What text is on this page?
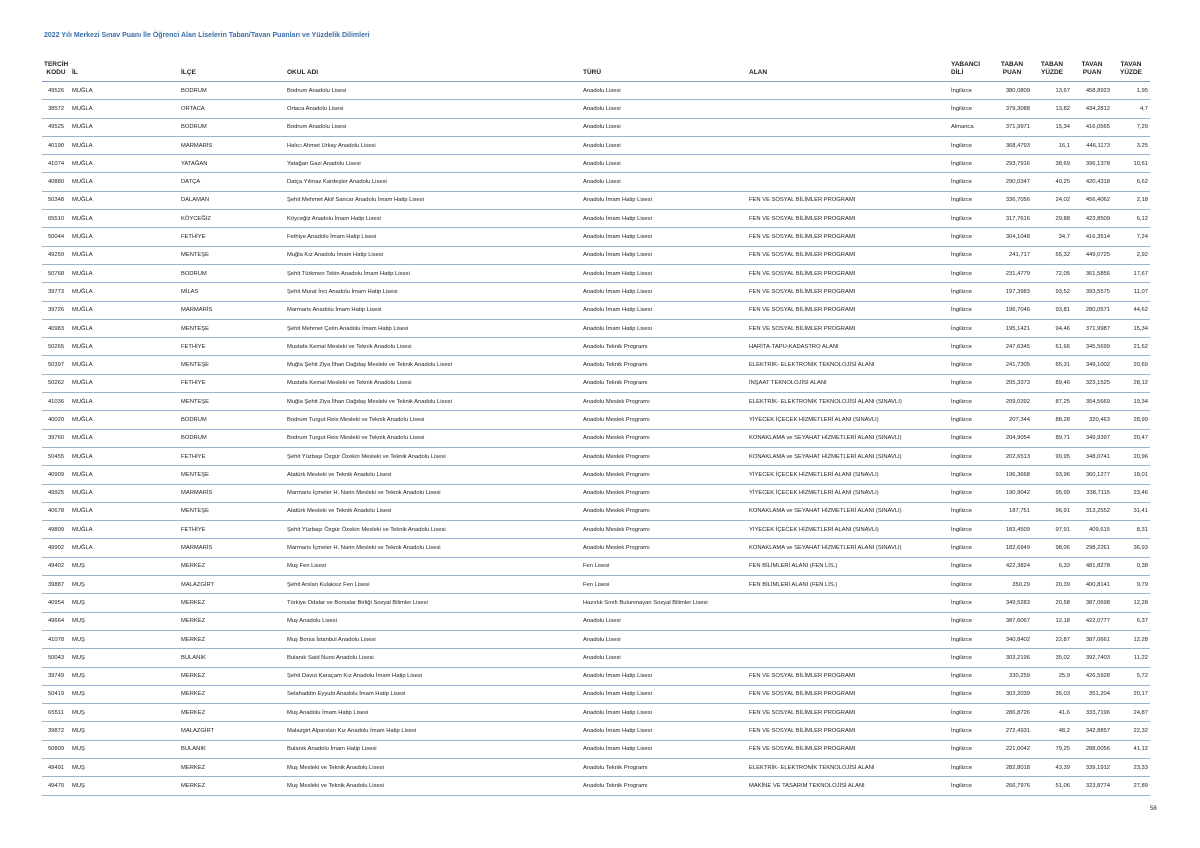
2022 Yılı Merkezi Sınav Puanı İle Öğrenci Alan Liselerin Taban/Tavan Puanları ve Yüzdelik Dilimleri
TERCİH KODU	İL	İLÇE	OKUL ADI	TÜRÜ	ALAN	YABANCI DİLİ	TABAN PUAN	TABAN YÜZDE	TAVAN PUAN	TAVAN YÜZDE
49526	MUĞLA	BODRUM	Bodrum Anadolu Lisesi	Anadolu Lisesi		İngilizce	380,0809	13,67	458,8923	1,95
38572	MUĞLA	ORTACA	Ortaca Anadolu Lisesi	Anadolu Lisesi		İngilizce	379,3088	13,82	434,2812	4,7
49525	MUĞLA	BODRUM	Bodrum Anadolu Lisesi	Anadolu Lisesi		Almanca	371,9971	15,34	416,0565	7,29
40190	MUĞLA	MARMARİS	Halıcı Ahmet Urkay Anadolu Lisesi	Anadolu Lisesi		İngilizce	368,4793	16,1	446,1173	3,25
41074	MUĞLA	YATAĞAN	Yatağan Gazi Anadolu Lisesi	Anadolu Lisesi		İngilizce	293,7916	38,69	396,1378	10,61
40880	MUĞLA	DATÇA	Datça Yılmaz Kardeşler Anadolu Lisesi	Anadolu Lisesi		İngilizce	290,0347	40,25	420,4318	6,62
50348	MUĞLA	DALAMAN	Şehit Mehmet Akif Sancar Anadolu İmam Hatip Lisesi	Anadolu İmam Hatip Lisesi	FEN VE SOSYAL BİLİMLER PROGRAMI	İngilizce	336,7056	24,02	456,4062	2,18
65510	MUĞLA	KÖYCEĞİZ	Köyceğiz Anadolu İmam Hatip Lisesi	Anadolu İmam Hatip Lisesi	FEN VE SOSYAL BİLİMLER PROGRAMI	İngilizce	317,7616	29,88	423,8509	6,12
50044	MUĞLA	FETHİYE	Fethiye Anadolu İmam Hatip Lisesi	Anadolu İmam Hatip Lisesi	FEN VE SOSYAL BİLİMLER PROGRAMI	İngilizce	304,1048	34,7	416,3514	7,24
49259	MUĞLA	MENTEŞE	Muğla Kız Anadolu İmam Hatip Lisesi	Anadolu İmam Hatip Lisesi	FEN VE SOSYAL BİLİMLER PROGRAMI	İngilizce	241,717	65,32	449,0725	2,92
50768	MUĞLA	BODRUM	Şehit Türkmen Tekin Anadolu İmam Hatip Lisesi	Anadolu İmam Hatip Lisesi	FEN VE SOSYAL BİLİMLER PROGRAMI	İngilizce	231,4779	72,05	361,5856	17,67
39773	MUĞLA	MİLAS	Şehit Murat İnci Anadolu İmam Hatip Lisesi	Anadolu İmam Hatip Lisesi	FEN VE SOSYAL BİLİMLER PROGRAMI	İngilizce	197,3983	93,52	393,5575	11,07
39726	MUĞLA	MARMARİS	Marmaris Anadolu İmam Hatip Lisesi	Anadolu İmam Hatip Lisesi	FEN VE SOSYAL BİLİMLER PROGRAMI	İngilizce	196,7046	93,81	280,0571	44,62
40983	MUĞLA	MENTEŞE	Şehit Mehmet Çetin Anadolu İmam Hatip Lisesi	Anadolu İmam Hatip Lisesi	FEN VE SOSYAL BİLİMLER PROGRAMI	İngilizce	195,1421	94,46	371,9987	15,34
50265	MUĞLA	FETHİYE	Mustafa Kemal Mesleki ve Teknik Anadolu Lisesi	Anadolu Teknik Programı	HARİTA-TAPU-KADASTRO ALANI	İngilizce	247,6345	61,66	345,5699	21,62
50397	MUĞLA	MENTEŞE	Muğla Şehit Ziya İlhan Dağdaş Mesleki ve Teknik Anadolu Lisesi	Anadolu Teknik Programı	ELEKTRİK- ELEKTRONİK TEKNOLOJİSİ ALANI	İngilizce	241,7305	65,31	349,1002	20,69
50262	MUĞLA	FETHİYE	Mustafa Kemal Mesleki ve Teknik Anadolu Lisesi	Anadolu Teknik Programı	İNŞAAT TEKNOLOJİSİ ALANI	İngilizce	205,3373	89,46	323,1525	28,12
41036	MUĞLA	MENTEŞE	Muğla Şehit Ziya İlhan Dağdaş Mesleki ve Teknik Anadolu Lisesi	Anadolu Meslek Programı	ELEKTRİK- ELEKTRONİK TEKNOLOJİSİ ALANI (SINAVLI)	İngilizce	209,0392	87,25	354,5669	19,34
40020	MUĞLA	BODRUM	Bodrum Turgut Reis Mesleki ve Teknik Anadolu Lisesi	Anadolu Meslek Programı	YİYECEK İÇECEK HİZMETLERİ ALANI (SINAVLI)	İngilizce	207,344	88,28	320,463	28,99
39760	MUĞLA	BODRUM	Bodrum Turgut Reis Mesleki ve Teknik Anadolu Lisesi	Anadolu Meslek Programı	KONAKLAMA ve SEYAHAT HİZMETLERİ ALANI (SINAVLI)	İngilizce	204,9054	89,71	349,9397	20,47
50455	MUĞLA	FETHİYE	Şehit Yüzbaşı Özgür Özekin Mesleki ve Teknik Anadolu Lisesi	Anadolu Meslek Programı	KONAKLAMA ve SEYAHAT HİZMETLERİ ALANI (SINAVLI)	İngilizce	202,6513	90,95	348,0741	20,96
40909	MUĞLA	MENTEŞE	Atatürk Mesleki ve Teknik Anadolu Lisesi	Anadolu Meslek Programı	YİYECEK İÇECEK HİZMETLERİ ALANI (SINAVLI)	İngilizce	196,3668	93,96	360,1277	18,01
49925	MUĞLA	MARMARİS	Marmaris İçmeler H. Narin Mesleki ve Teknik Anadolu Lisesi	Anadolu Meslek Programı	YİYECEK İÇECEK HİZMETLERİ ALANI (SINAVLI)	İngilizce	190,9042	95,99	338,7115	23,46
40678	MUĞLA	MENTEŞE	Atatürk Mesleki ve Teknik Anadolu Lisesi	Anadolu Meslek Programı	KONAKLAMA ve SEYAHAT HİZMETLERİ ALANI (SINAVLI)	İngilizce	187,751	96,91	313,2552	31,41
49809	MUĞLA	FETHİYE	Şehit Yüzbaşı Özgür Özekin Mesleki ve Teknik Anadolu Lisesi	Anadolu Meslek Programı	YİYECEK İÇECEK HİZMETLERİ ALANI (SINAVLI)	İngilizce	183,4509	97,91	409,615	8,31
49902	MUĞLA	MARMARİS	Marmaris İçmeler H. Narin Mesleki ve Teknik Anadolu Lisesi	Anadolu Meslek Programı	KONAKLAMA ve SEYAHAT HİZMETLERİ ALANI (SINAVLI)	İngilizce	182,6949	98,06	298,2261	36,93
49402	MUŞ	MERKEZ	Muş Fen Lisesi	Fen Lisesi	FEN BİLİMLERİ ALANI (FEN LİS.)	İngilizce	422,3824	6,33	481,8278	0,38
39887	MUŞ	MALAZGİRT	Şehit Arslan Kulaksız Fen Lisesi	Fen Lisesi	FEN BİLİMLERİ ALANI (FEN LİS.)	İngilizce	350,29	20,39	400,8141	9,79
40954	MUŞ	MERKEZ	Türkiye Odalar ve Borsalar Birliği Sosyal Bilimler Lisesi	Hazırlık Sınıfı Bulunmayan Sosyal Bilimler Lisesi		İngilizce	349,5283	20,58	387,0698	12,28
49664	MUŞ	MERKEZ	Muş Anadolu Lisesi	Anadolu Lisesi		İngilizce	387,6067	12,18	422,0777	6,37
41078	MUŞ	MERKEZ	Muş Borsa İstanbul Anadolu Lisesi	Anadolu Lisesi		İngilizce	340,8402	22,87	387,0661	12,28
50043	MUŞ	BULANIK	Bulanık Said Nursi Anadolu Lisesi	Anadolu Lisesi		İngilizce	303,2196	35,02	392,7403	11,22
39749	MUŞ	MERKEZ	Şehit Davut Karaçam Kız Anadolu İmam Hatip Lisesi	Anadolu İmam Hatip Lisesi	FEN VE SOSYAL BİLİMLER PROGRAMI	İngilizce	330,259	25,9	426,5928	5,72
50419	MUŞ	MERKEZ	Selahaddin Eyyubi Anadolu İmam Hatip Lisesi	Anadolu İmam Hatip Lisesi	FEN VE SOSYAL BİLİMLER PROGRAMI	İngilizce	303,2039	35,03	351,204	20,17
65511	MUŞ	MERKEZ	Muş Anadolu İmam Hatip Lisesi	Anadolu İmam Hatip Lisesi	FEN VE SOSYAL BİLİMLER PROGRAMI	İngilizce	286,8726	41,6	333,7196	24,87
39872	MUŞ	MALAZGİRT	Malazgirt Alparslan Kız Anadolu İmam Hatip Lisesi	Anadolu İmam Hatip Lisesi	FEN VE SOSYAL BİLİMLER PROGRAMI	İngilizce	272,4931	48,2	342,8857	22,32
50809	MUŞ	BULANIK	Bulanık Anadolu İmam Hatip Lisesi	Anadolu İmam Hatip Lisesi	FEN VE SOSYAL BİLİMLER PROGRAMI	İngilizce	221,0042	79,25	288,0056	41,12
49491	MUŞ	MERKEZ	Muş Mesleki ve Teknik Anadolu Lisesi	Anadolu Teknik Programı	ELEKTRİK- ELEKTRONİK TEKNOLOJİSİ ALANI	İngilizce	282,8018	43,39	339,1912	23,33
49470	MUŞ	MERKEZ	Muş Mesleki ve Teknik Anadolu Lisesi	Anadolu Teknik Programı	MAKİNE VE TASARIM TEKNOLOJİSİ ALANI	İngilizce	266,7976	51,06	323,8774	27,89
58
